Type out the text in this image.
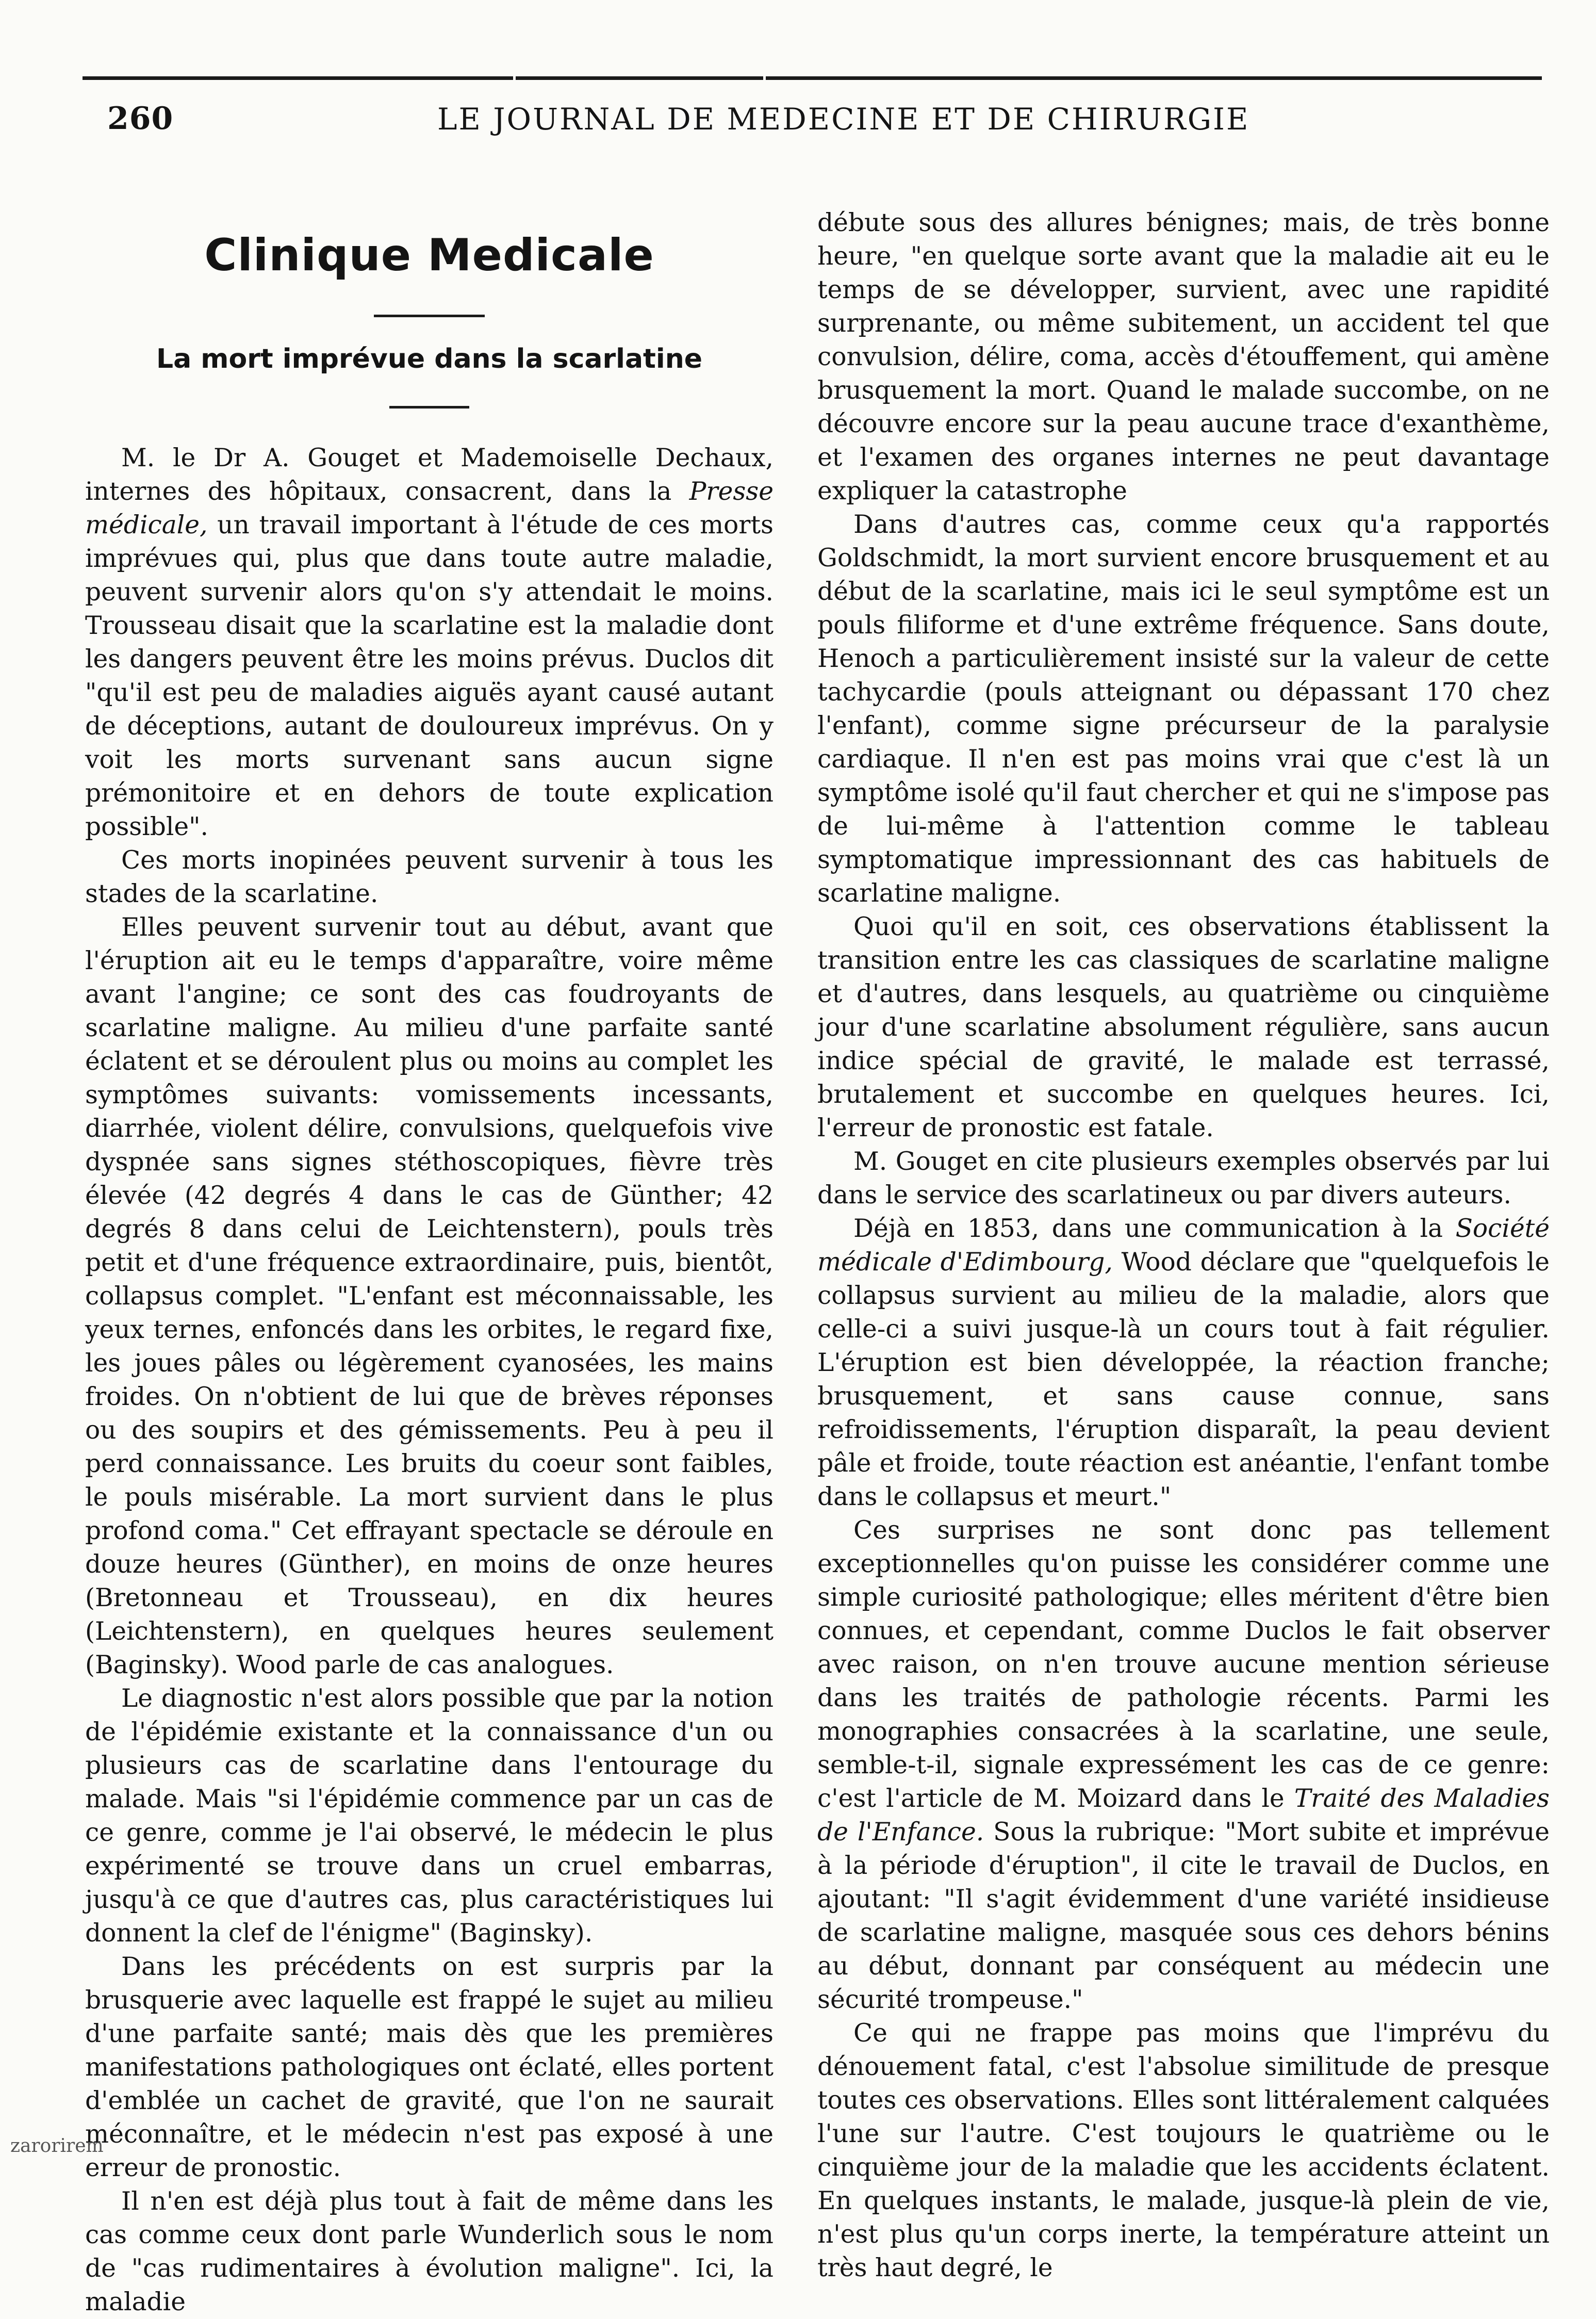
260	LE JOURNAL DE MEDECINE ET DE CHIRURGIE
Clinique Medicale
La mort imprévue dans la scarlatine

M. le Dr A. Gouget et Mademoiselle Dechaux, internes des hôpitaux, consacrent, dans la Presse médicale, un travail important à l'étude de ces morts imprévues qui, plus que dans toute autre maladie, peuvent survenir alors qu'on s'y attendait le moins. Trousseau disait que la scarlatine est la maladie dont les dangers peuvent être les moins prévus. Duclos dit "qu'il est peu de maladies aiguës ayant causé autant de déceptions, autant de douloureux imprévus. On y voit les morts survenant sans aucun signe prémonitoire et en dehors de toute explication possible".

Ces morts inopinées peuvent survenir à tous les stades de la scarlatine.

Elles peuvent survenir tout au début, avant que l'éruption ait eu le temps d'apparaître, voire même avant l'angine; ce sont des cas foudroyants de scarlatine maligne. Au milieu d'une parfaite santé éclatent et se déroulent plus ou moins au complet les symptômes suivants: vomissements incessants, diarrhée, violent délire, convulsions, quelquefois vive dyspnée sans signes stéthoscopiques, fièvre très élevée (42 degrés 4 dans le cas de Günther; 42 degrés 8 dans celui de Leichtenstern), pouls très petit et d'une fréquence extraordinaire, puis, bientôt, collapsus complet. "L'enfant est méconnaissable, les yeux ternes, enfoncés dans les orbites, le regard fixe, les joues pâles ou légèrement cyanosées, les mains froides. On n'obtient de lui que de brèves réponses ou des soupirs et des gémissements. Peu à peu il perd connaissance. Les bruits du coeur sont faibles, le pouls misérable. La mort survient dans le plus profond coma." Cet effrayant spectacle se déroule en douze heures (Günther), en moins de onze heures (Bretonneau et Trousseau), en dix heures (Leichtenstern), en quelques heures seulement (Baginsky). Wood parle de cas analogues.

Le diagnostic n'est alors possible que par la notion de l'épidémie existante et la connaissance d'un ou plusieurs cas de scarlatine dans l'entourage du malade. Mais "si l'épidémie commence par un cas de ce genre, comme je l'ai observé, le médecin le plus expérimenté se trouve dans un cruel embarras, jusqu'à ce que d'autres cas, plus caractéristiques lui donnent la clef de l'énigme" (Baginsky).

Dans les précédents on est surpris par la brusquerie avec laquelle est frappé le sujet au milieu d'une parfaite santé; mais dès que les premières manifestations pathologiques ont éclaté, elles portent d'emblée un cachet de gravité, que l'on ne saurait méconnaître, et le médecin n'est pas exposé à une erreur de pronostic.

Il n'en est déjà plus tout à fait de même dans les cas comme ceux dont parle Wunderlich sous le nom de "cas rudimentaires à évolution maligne". Ici, la maladie

débute sous des allures bénignes; mais, de très bonne heure, "en quelque sorte avant que la maladie ait eu le temps de se développer, survient, avec une rapidité surprenante, ou même subitement, un accident tel que convulsion, délire, coma, accès d'étouffement, qui amène brusquement la mort. Quand le malade succombe, on ne découvre encore sur la peau aucune trace d'exanthème, et l'examen des organes internes ne peut davantage expliquer la catastrophe

Dans d'autres cas, comme ceux qu'a rapportés Goldschmidt, la mort survient encore brusquement et au début de la scarlatine, mais ici le seul symptôme est un pouls filiforme et d'une extrême fréquence. Sans doute, Henoch a particulièrement insisté sur la valeur de cette tachycardie (pouls atteignant ou dépassant 170 chez l'enfant), comme signe précurseur de la paralysie cardiaque. Il n'en est pas moins vrai que c'est là un symptôme isolé qu'il faut chercher et qui ne s'impose pas de lui-même à l'attention comme le tableau symptomatique impressionnant des cas habituels de scarlatine maligne.

Quoi qu'il en soit, ces observations établissent la transition entre les cas classiques de scarlatine maligne et d'autres, dans lesquels, au quatrième ou cinquième jour d'une scarlatine absolument régulière, sans aucun indice spécial de gravité, le malade est terrassé, brutalement et succombe en quelques heures. Ici, l'erreur de pronostic est fatale.

M. Gouget en cite plusieurs exemples observés par lui dans le service des scarlatineux ou par divers auteurs.

Déjà en 1853, dans une communication à la Société médicale d'Edimbourg, Wood déclare que "quelquefois le collapsus survient au milieu de la maladie, alors que celle-ci a suivi jusque-là un cours tout à fait régulier. L'éruption est bien développée, la réaction franche; brusquement, et sans cause connue, sans refroidissements, l'éruption disparaît, la peau devient pâle et froide, toute réaction est anéantie, l'enfant tombe dans le collapsus et meurt."

Ces surprises ne sont donc pas tellement exceptionnelles qu'on puisse les considérer comme une simple curiosité pathologique; elles méritent d'être bien connues, et cependant, comme Duclos le fait observer avec raison, on n'en trouve aucune mention sérieuse dans les traités de pathologie récents. Parmi les monographies consacrées à la scarlatine, une seule, semble-t-il, signale expressément les cas de ce genre: c'est l'article de M. Moizard dans le Traité des Maladies de l'Enfance. Sous la rubrique: "Mort subite et imprévue à la période d'éruption", il cite le travail de Duclos, en ajoutant: "Il s'agit évidemment d'une variété insidieuse de scarlatine maligne, masquée sous ces dehors bénins au début, donnant par conséquent au médecin une sécurité trompeuse."

Ce qui ne frappe pas moins que l'imprévu du dénouement fatal, c'est l'absolue similitude de presque toutes ces observations. Elles sont littéralement calquées l'une sur l'autre. C'est toujours le quatrième ou le cinquième jour de la maladie que les accidents éclatent. En quelques instants, le malade, jusque-là plein de vie, n'est plus qu'un corps inerte, la température atteint un très haut degré, le

zarorirem
